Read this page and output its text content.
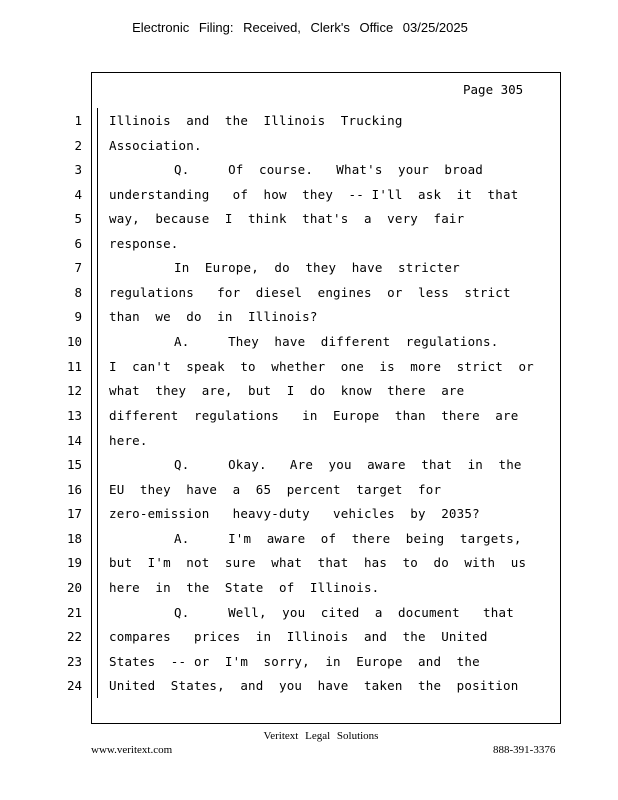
Electronic Filing: Received, Clerk's Office 03/25/2025
Page 305
1 Illinois  and  the  Illinois  Trucking
2 Association.
3	Q.     Of  course.   What's  your  broad
4 understanding   of  how  they  -- I'll  ask  it  that
5 way,  because  I  think  that's  a  very  fair
6 response.
7	In  Europe,  do  they  have  stricter
8 regulations   for  diesel  engines  or  less  strict
9 than  we  do  in  Illinois?
10	A.     They  have  different  regulations.
11 I  can't  speak  to  whether  one  is  more  strict  or
12 what  they  are,  but  I  do  know  there  are
13 different  regulations   in  Europe  than  there  are
14 here.
15	Q.     Okay.   Are  you  aware  that  in  the
16 EU  they  have  a  65  percent  target  for
17 zero-emission   heavy-duty   vehicles  by  2035?
18	A.     I'm  aware  of  there  being  targets,
19 but  I'm  not  sure  what  that  has  to  do  with  us
20 here  in  the  State  of  Illinois.
21	Q.     Well,  you  cited  a  document   that
22 compares   prices  in  Illinois  and  the  United
23 States  -- or  I'm  sorry,  in  Europe  and  the
24 United  States,  and  you  have  taken  the  position
Veritext Legal Solutions
www.veritext.com	888-391-3376
